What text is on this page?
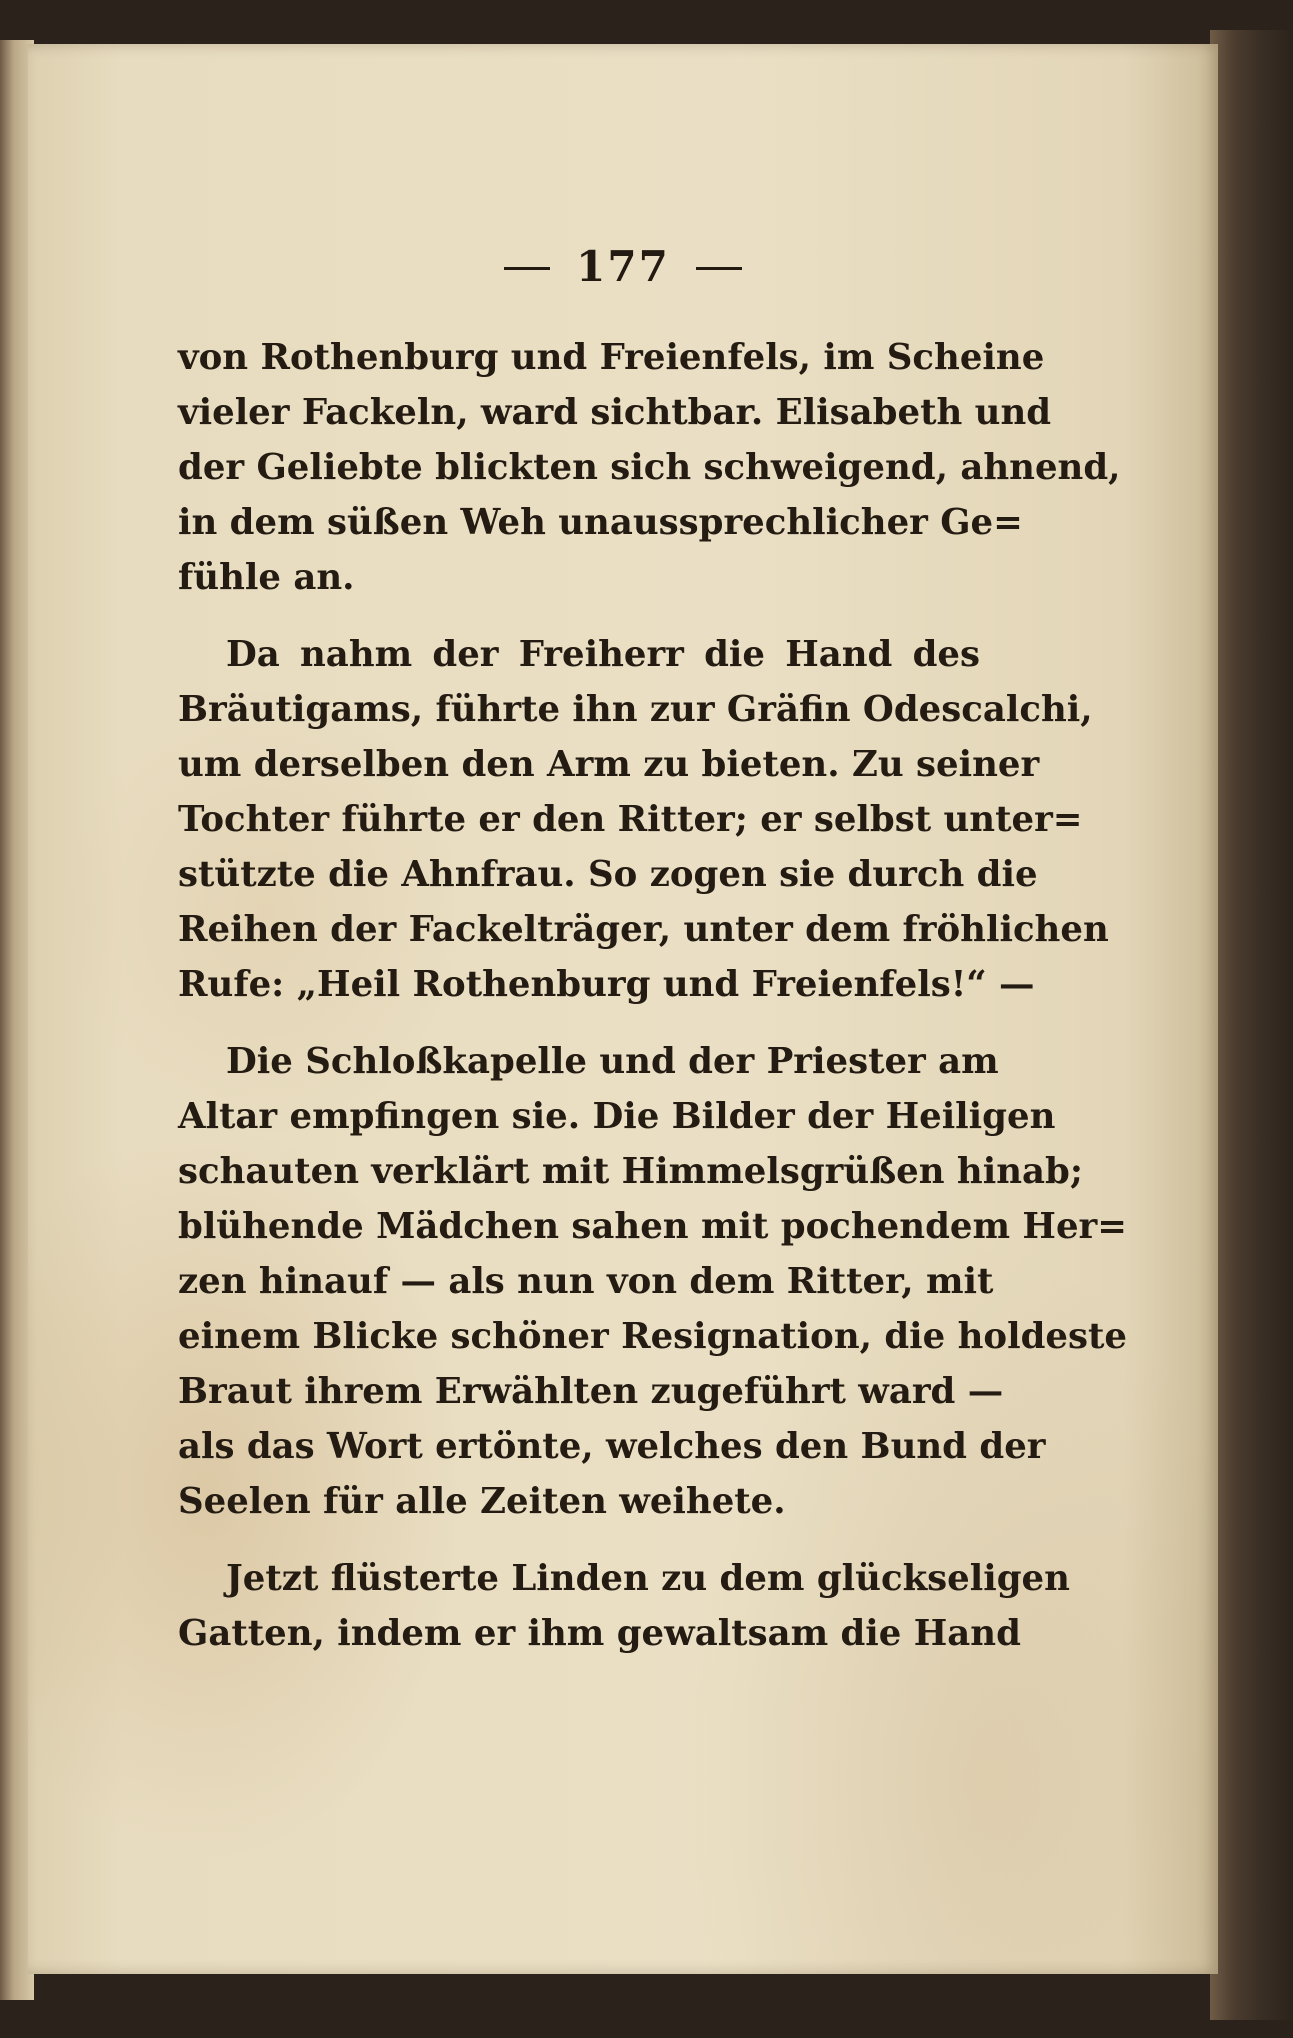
177
von Rothenburg und Freienfels, im Scheine
vieler Fackeln, ward sichtbar. Elisabeth und
der Geliebte blickten sich schweigend, ahnend,
in dem süßen Weh unaussprechlicher Ge=
fühle an.
Da nahm der Freiherr die Hand des
Bräutigams, führte ihn zur Gräfin Odescalchi,
um derselben den Arm zu bieten. Zu seiner
Tochter führte er den Ritter; er selbst unter=
stützte die Ahnfrau. So zogen sie durch die
Reihen der Fackelträger, unter dem fröhlichen
Rufe: „Heil Rothenburg und Freienfels!“ —
Die Schloßkapelle und der Priester am
Altar empfingen sie. Die Bilder der Heiligen
schauten verklärt mit Himmelsgrüßen hinab;
blühende Mädchen sahen mit pochendem Her=
zen hinauf — als nun von dem Ritter, mit
einem Blicke schöner Resignation, die holdeste
Braut ihrem Erwählten zugeführt ward —
als das Wort ertönte, welches den Bund der
Seelen für alle Zeiten weihete.
Jetzt flüsterte Linden zu dem glückseligen
Gatten, indem er ihm gewaltsam die Hand
